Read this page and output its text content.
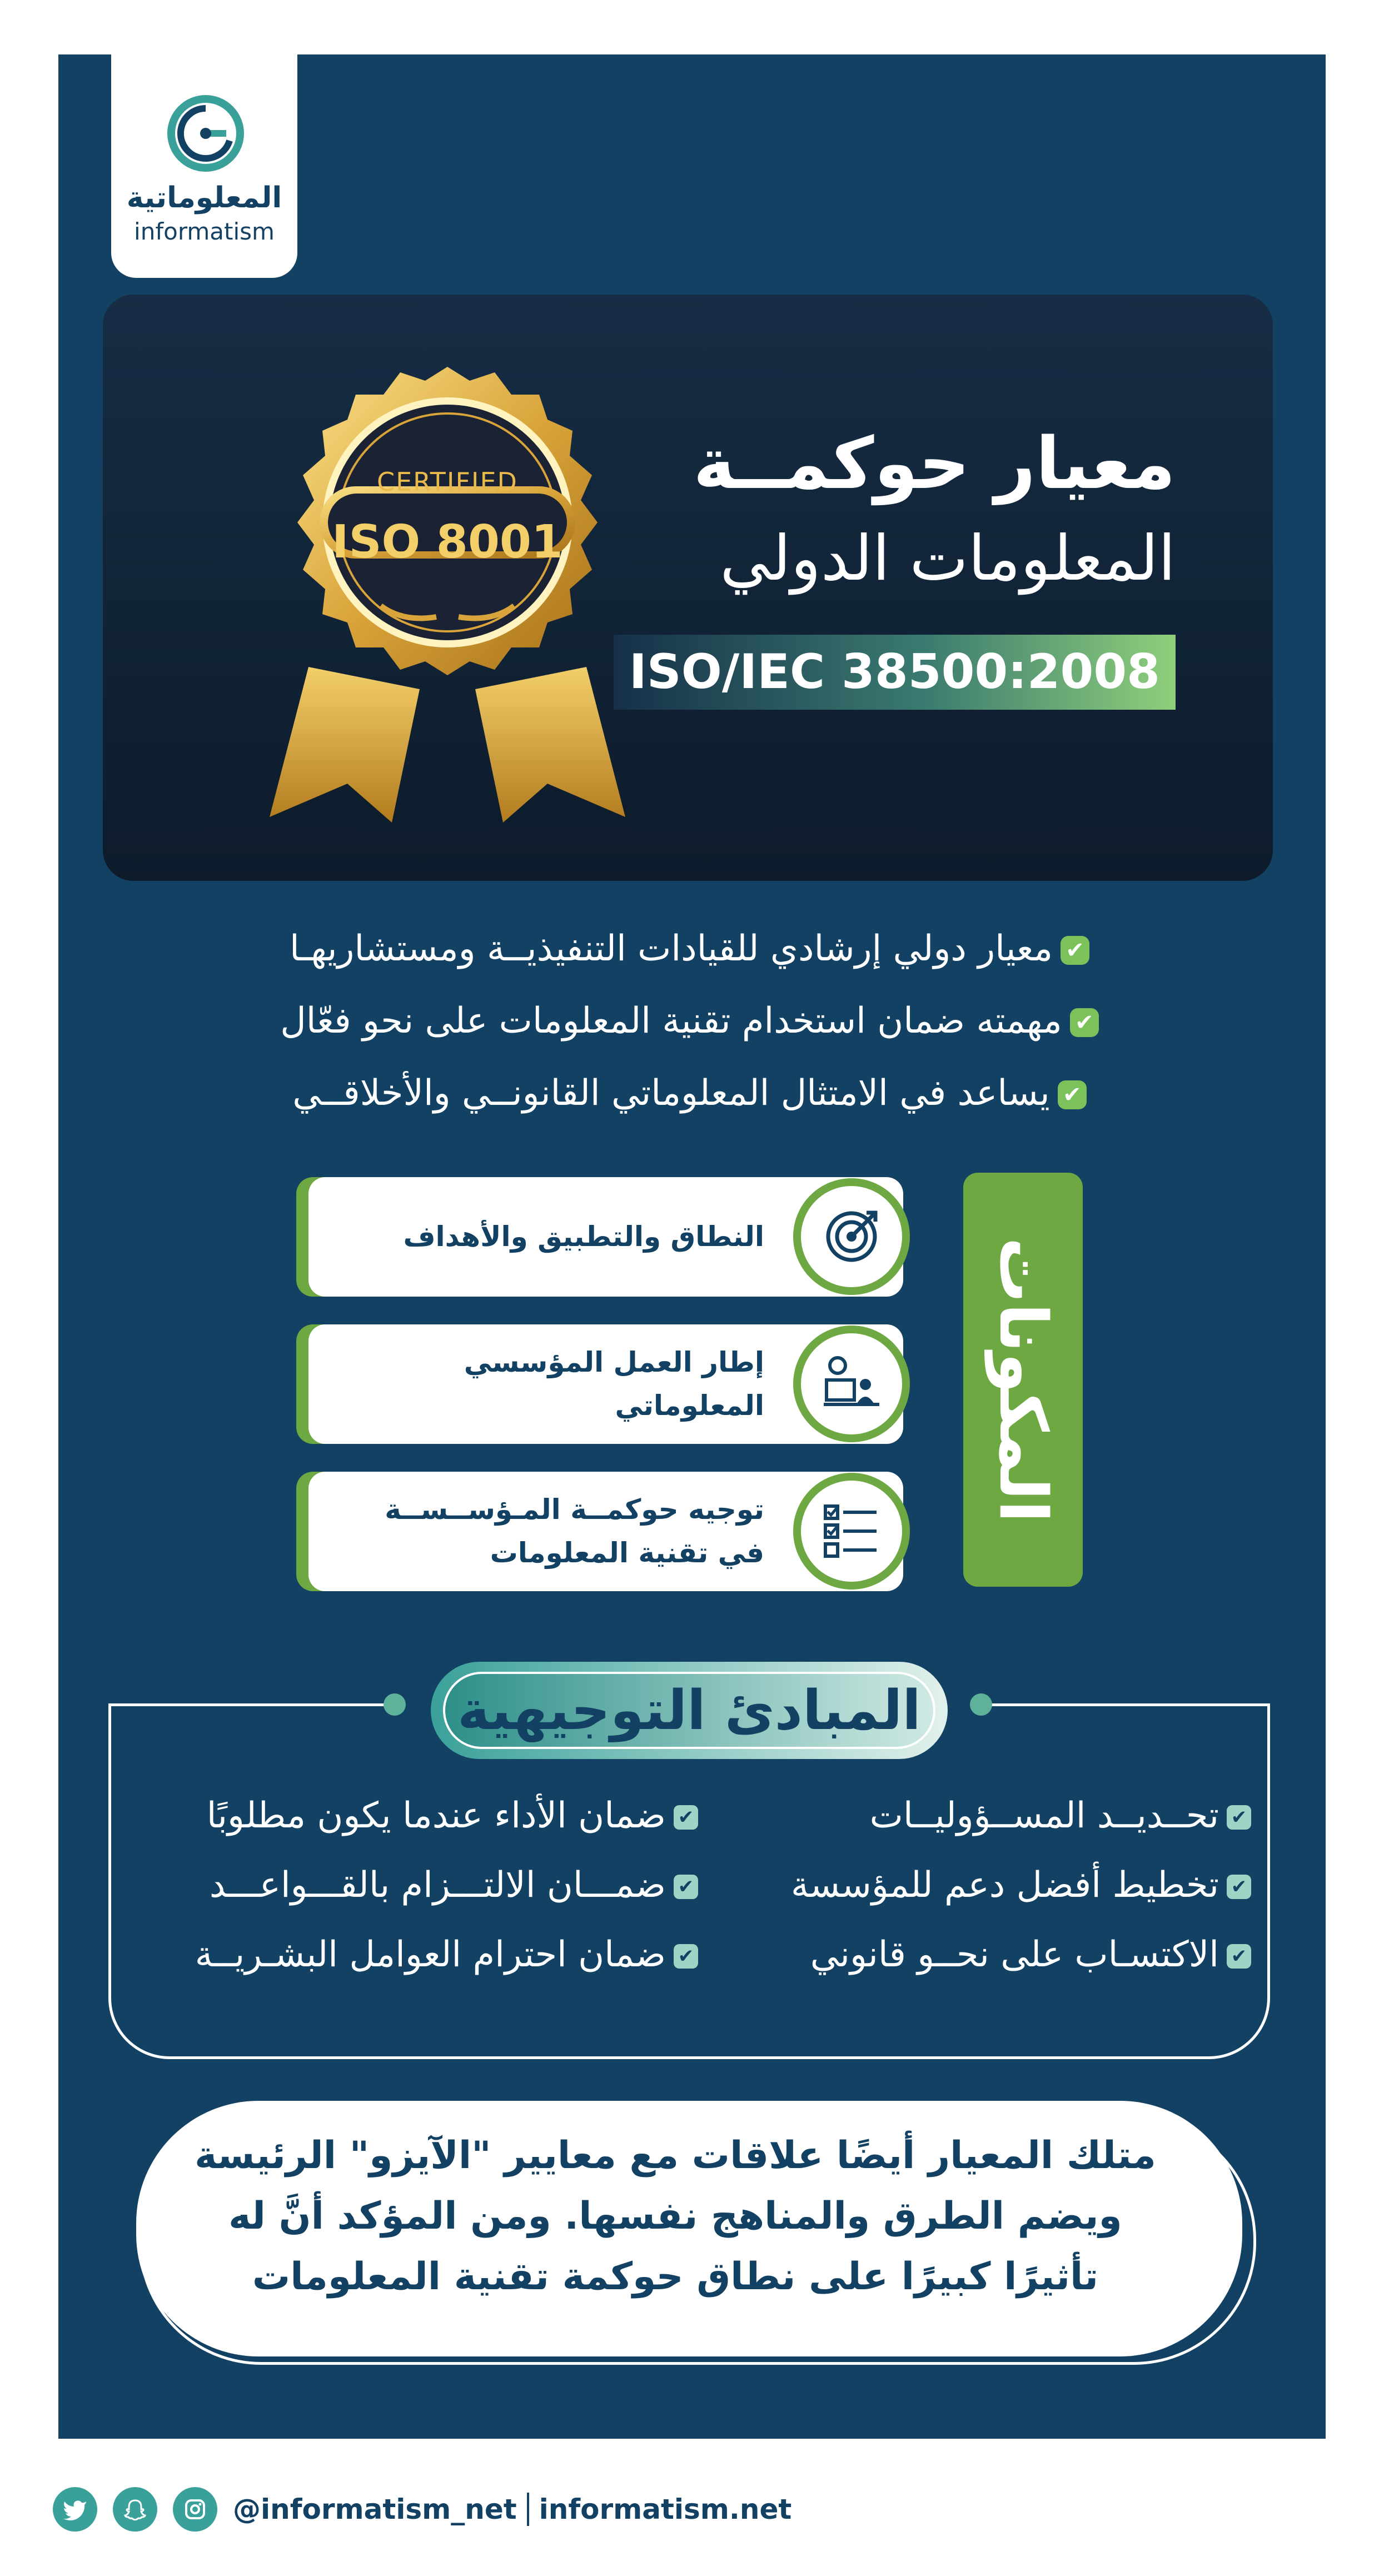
المعلوماتية
informatism
CERTIFIED
ISO 8001
معيار حوكمــة
المعلومات الدولي
ISO/IEC 38500:2008
✔معيار دولي إرشادي للقيادات التنفيذيــة ومستشاريهـا
✔مهمته ضمان استخدام تقنية المعلومات على نحو فعّال
✔يساعد في الامتثال المعلوماتي القانونــي والأخلاقــي
المكونات
النطاق والتطبيق والأهداف
إطار العمل المؤسسي المعلوماتي
توجيه حوكمــة المـؤســســة في تقنية المعلومات
المبادئ التوجيهية
✔تحــديــد المســؤوليــات
✔تخطيط أفضل دعم للمؤسسة
✔الاكتسـاب على نحــو قانوني
✔ضمان الأداء عندما يكون مطلوبًا
✔ضمـــان الالتـــزام بالقـــواعـــد
✔ضمان احترام العوامل البشـريــة
متلك المعيار أيضًا علاقات مع معايير "الآيزو" الرئيسة ويضم الطرق والمناهج نفسها. ومن المؤكد أنَّ له تأثيرًا كبيرًا على نطاق حوكمة تقنية المعلومات
@informatism_net informatism.net
